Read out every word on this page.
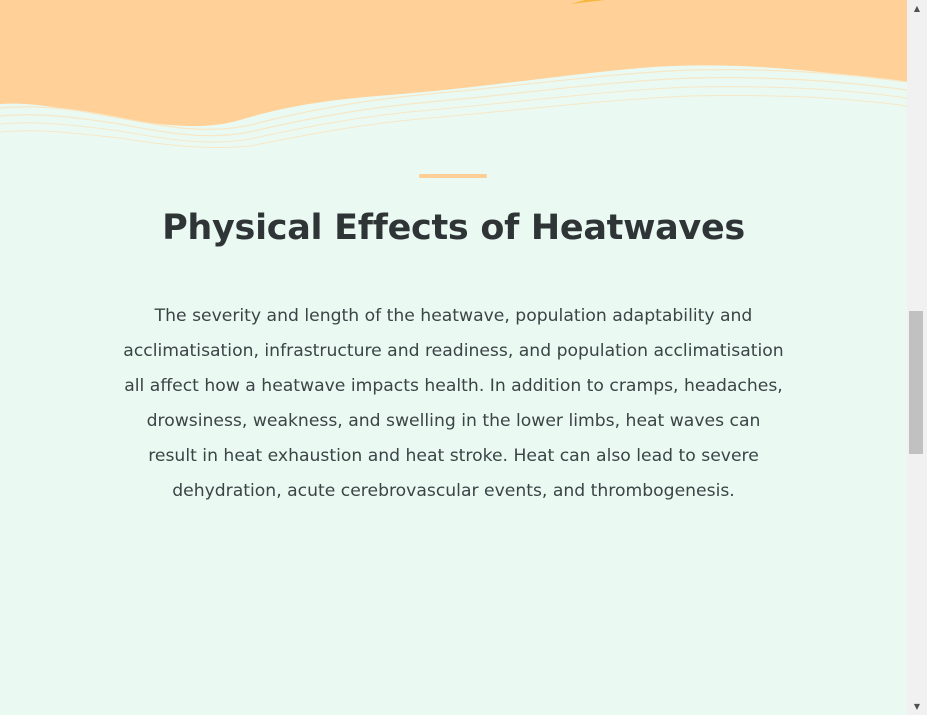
Physical Effects of Heatwaves

The severity and length of the heatwave, population adaptability and acclimatisation, infrastructure and readiness, and population acclimatisation all affect how a heatwave impacts health. In addition to cramps, headaches, drowsiness, weakness, and swelling in the lower limbs, heat waves can result in heat exhaustion and heat stroke. Heat can also lead to severe dehydration, acute cerebrovascular events, and thrombogenesis.

▲
▼
